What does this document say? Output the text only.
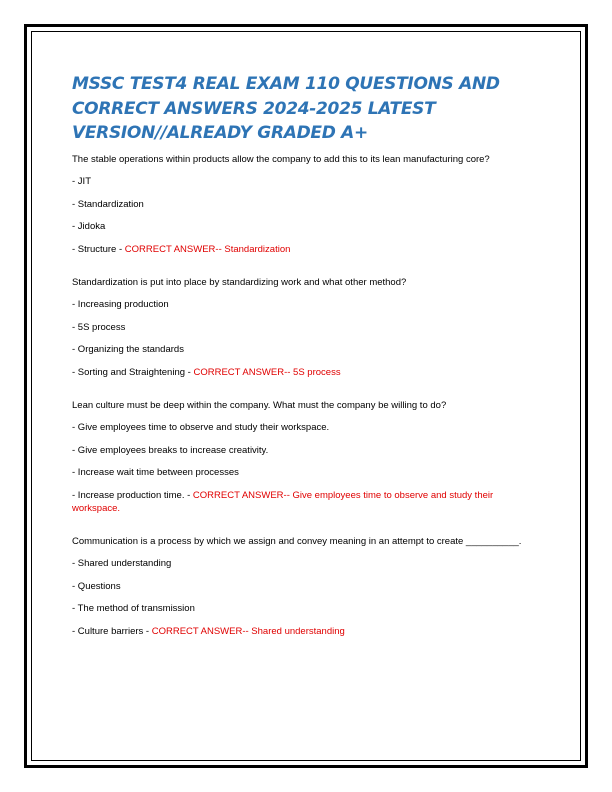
MSSC TEST4 REAL EXAM 110 QUESTIONS AND CORRECT ANSWERS 2024-2025 LATEST VERSION//ALREADY GRADED A+
The stable operations within products allow the company to add this to its lean manufacturing core?
- JIT
- Standardization
- Jidoka
- Structure - CORRECT ANSWER-- Standardization
Standardization is put into place by standardizing work and what other method?
- Increasing production
- 5S process
- Organizing the standards
- Sorting and Straightening - CORRECT ANSWER-- 5S process
Lean culture must be deep within the company. What must the company be willing to do?
- Give employees time to observe and study their workspace.
- Give employees breaks to increase creativity.
- Increase wait time between processes
- Increase production time. - CORRECT ANSWER-- Give employees time to observe and study their workspace.
Communication is a process by which we assign and convey meaning in an attempt to create __________.
- Shared understanding
- Questions
- The method of transmission
- Culture barriers - CORRECT ANSWER-- Shared understanding
